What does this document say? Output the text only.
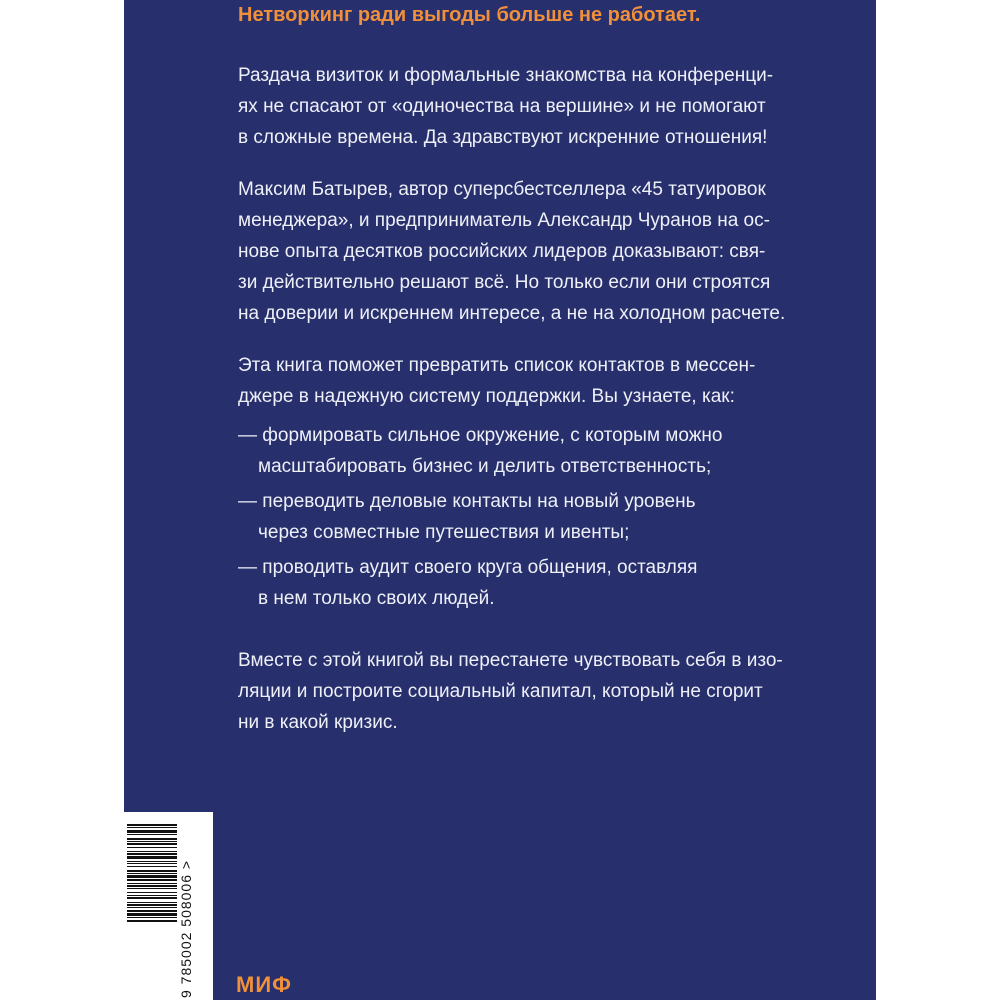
Нетворкинг ради выгоды больше не работает.
Раздача визиток и формальные знакомства на конференци-
ях не спасают от «одиночества на вершине» и не помогают
в сложные времена. Да здравствуют искренние отношения!
Максим Батырев, автор суперсбестселлера «45 татуировок
менеджера», и предприниматель Александр Чуранов на ос-
нове опыта десятков российских лидеров доказывают: свя-
зи действительно решают всё. Но только если они строятся
на доверии и искреннем интересе, а не на холодном расчете.
Эта книга поможет превратить список контактов в мессен-
джере в надежную систему поддержки. Вы узнаете, как:
— формировать сильное окружение, с которым можно
масштабировать бизнес и делить ответственность;
— переводить деловые контакты на новый уровень
через совместные путешествия и ивенты;
— проводить аудит своего круга общения, оставляя
в нем только своих людей.
Вместе с этой книгой вы перестанете чувствовать себя в изо-
ляции и построите социальный капитал, который не сгорит
ни в какой кризис.
9 785002 508006 > МИФ
